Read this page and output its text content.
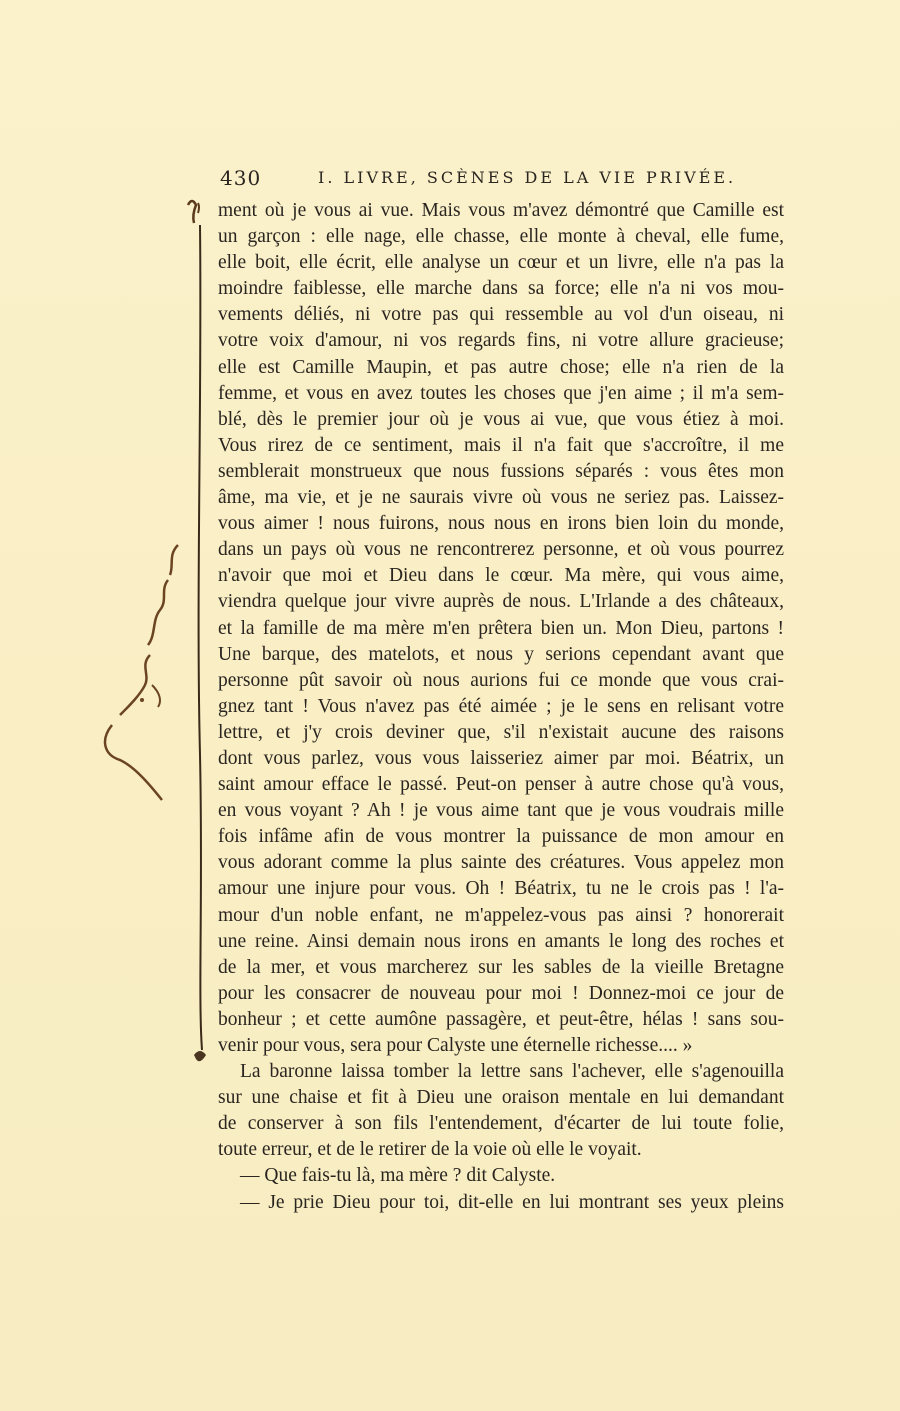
430	I. LIVRE, SCÈNES DE LA VIE PRIVÉE.

ment où je vous ai vue. Mais vous m'avez démontré que Camille est
un garçon : elle nage, elle chasse, elle monte à cheval, elle fume,
elle boit, elle écrit, elle analyse un cœur et un livre, elle n'a pas la
moindre faiblesse, elle marche dans sa force; elle n'a ni vos mou-
vements déliés, ni votre pas qui ressemble au vol d'un oiseau, ni
votre voix d'amour, ni vos regards fins, ni votre allure gracieuse;
elle est Camille Maupin, et pas autre chose; elle n'a rien de la
femme, et vous en avez toutes les choses que j'en aime ; il m'a sem-
blé, dès le premier jour où je vous ai vue, que vous étiez à moi.
Vous rirez de ce sentiment, mais il n'a fait que s'accroître, il me
semblerait monstrueux que nous fussions séparés : vous êtes mon
âme, ma vie, et je ne saurais vivre où vous ne seriez pas. Laissez-
vous aimer ! nous fuirons, nous nous en irons bien loin du monde,
dans un pays où vous ne rencontrerez personne, et où vous pourrez
n'avoir que moi et Dieu dans le cœur. Ma mère, qui vous aime,
viendra quelque jour vivre auprès de nous. L'Irlande a des châteaux,
et la famille de ma mère m'en prêtera bien un. Mon Dieu, partons !
Une barque, des matelots, et nous y serions cependant avant que
personne pût savoir où nous aurions fui ce monde que vous crai-
gnez tant ! Vous n'avez pas été aimée ; je le sens en relisant votre
lettre, et j'y crois deviner que, s'il n'existait aucune des raisons
dont vous parlez, vous vous laisseriez aimer par moi. Béatrix, un
saint amour efface le passé. Peut-on penser à autre chose qu'à vous,
en vous voyant ? Ah ! je vous aime tant que je vous voudrais mille
fois infâme afin de vous montrer la puissance de mon amour en
vous adorant comme la plus sainte des créatures. Vous appelez mon
amour une injure pour vous. Oh ! Béatrix, tu ne le crois pas ! l'a-
mour d'un noble enfant, ne m'appelez-vous pas ainsi ? honorerait
une reine. Ainsi demain nous irons en amants le long des roches et
de la mer, et vous marcherez sur les sables de la vieille Bretagne
pour les consacrer de nouveau pour moi ! Donnez-moi ce jour de
bonheur ; et cette aumône passagère, et peut-être, hélas ! sans sou-
venir pour vous, sera pour Calyste une éternelle richesse.... »

La baronne laissa tomber la lettre sans l'achever, elle s'agenouilla
sur une chaise et fit à Dieu une oraison mentale en lui demandant
de conserver à son fils l'entendement, d'écarter de lui toute folie,
toute erreur, et de le retirer de la voie où elle le voyait.

— Que fais-tu là, ma mère ? dit Calyste.

— Je prie Dieu pour toi, dit-elle en lui montrant ses yeux pleins
